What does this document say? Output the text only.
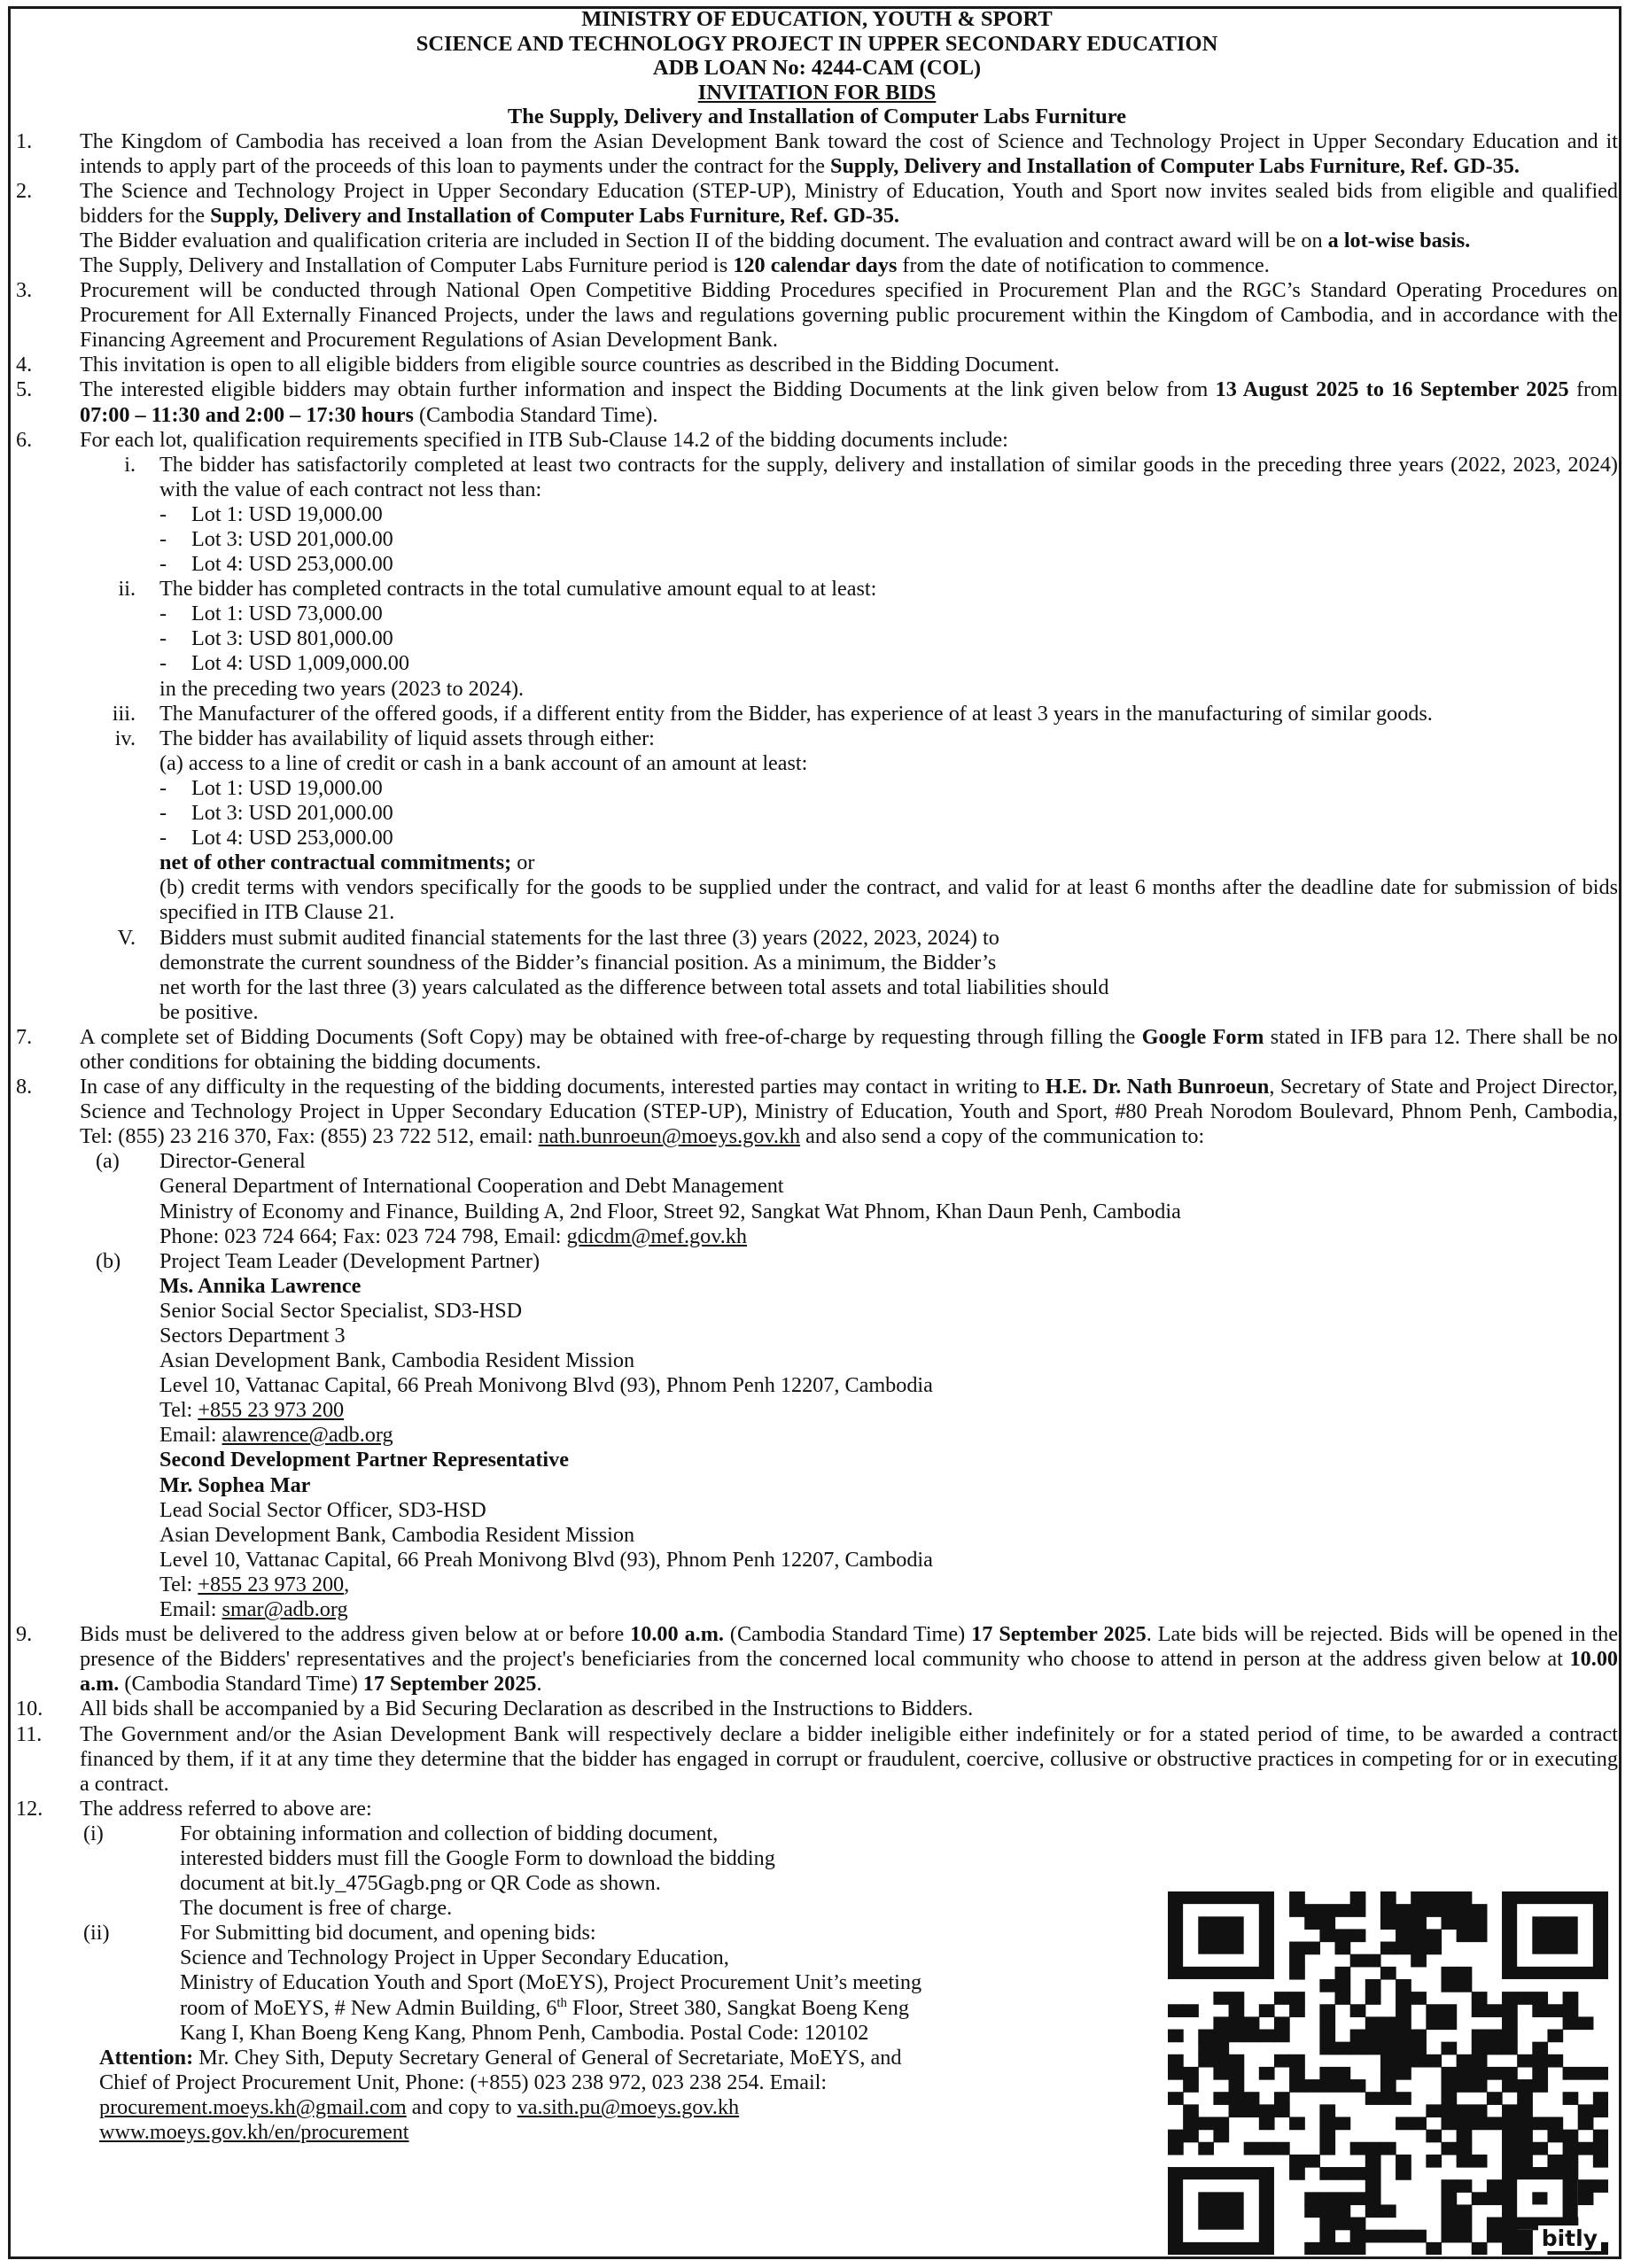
MINISTRY OF EDUCATION, YOUTH & SPORT
SCIENCE AND TECHNOLOGY PROJECT IN UPPER SECONDARY EDUCATION
ADB LOAN No: 4244-CAM (COL)
INVITATION FOR BIDS
The Supply, Delivery and Installation of Computer Labs Furniture
1. The Kingdom of Cambodia has received a loan from the Asian Development Bank toward the cost of Science and Technology Project in Upper Secondary Education and it intends to apply part of the proceeds of this loan to payments under the contract for the Supply, Delivery and Installation of Computer Labs Furniture, Ref. GD-35.
2. The Science and Technology Project in Upper Secondary Education (STEP-UP), Ministry of Education, Youth and Sport now invites sealed bids from eligible and qualified bidders for the Supply, Delivery and Installation of Computer Labs Furniture, Ref. GD-35.
The Bidder evaluation and qualification criteria are included in Section II of the bidding document. The evaluation and contract award will be on a lot-wise basis.
The Supply, Delivery and Installation of Computer Labs Furniture period is 120 calendar days from the date of notification to commence.
3. Procurement will be conducted through National Open Competitive Bidding Procedures specified in Procurement Plan and the RGC’s Standard Operating Procedures on Procurement for All Externally Financed Projects, under the laws and regulations governing public procurement within the Kingdom of Cambodia, and in accordance with the Financing Agreement and Procurement Regulations of Asian Development Bank.
4. This invitation is open to all eligible bidders from eligible source countries as described in the Bidding Document.
5. The interested eligible bidders may obtain further information and inspect the Bidding Documents at the link given below from 13 August 2025 to 16 September 2025 from 07:00 – 11:30 and 2:00 – 17:30 hours (Cambodia Standard Time).
6. For each lot, qualification requirements specified in ITB Sub-Clause 14.2 of the bidding documents include:
i. The bidder has satisfactorily completed at least two contracts for the supply, delivery and installation of similar goods in the preceding three years (2022, 2023, 2024) with the value of each contract not less than:
- Lot 1: USD 19,000.00
- Lot 3: USD 201,000.00
- Lot 4: USD 253,000.00
ii. The bidder has completed contracts in the total cumulative amount equal to at least:
- Lot 1: USD 73,000.00
- Lot 3: USD 801,000.00
- Lot 4: USD 1,009,000.00
in the preceding two years (2023 to 2024).
iii. The Manufacturer of the offered goods, if a different entity from the Bidder, has experience of at least 3 years in the manufacturing of similar goods.
iv. The bidder has availability of liquid assets through either:
(a) access to a line of credit or cash in a bank account of an amount at least:
- Lot 1: USD 19,000.00
- Lot 3: USD 201,000.00
- Lot 4: USD 253,000.00
net of other contractual commitments; or
(b) credit terms with vendors specifically for the goods to be supplied under the contract, and valid for at least 6 months after the deadline date for submission of bids specified in ITB Clause 21.
V. Bidders must submit audited financial statements for the last three (3) years (2022, 2023, 2024) to
demonstrate the current soundness of the Bidder’s financial position. As a minimum, the Bidder’s
net worth for the last three (3) years calculated as the difference between total assets and total liabilities should
be positive.
7. A complete set of Bidding Documents (Soft Copy) may be obtained with free-of-charge by requesting through filling the Google Form stated in IFB para 12. There shall be no other conditions for obtaining the bidding documents.
8. In case of any difficulty in the requesting of the bidding documents, interested parties may contact in writing to H.E. Dr. Nath Bunroeun, Secretary of State and Project Director, Science and Technology Project in Upper Secondary Education (STEP-UP), Ministry of Education, Youth and Sport, #80 Preah Norodom Boulevard, Phnom Penh, Cambodia, Tel: (855) 23 216 370, Fax: (855) 23 722 512, email: nath.bunroeun@moeys.gov.kh and also send a copy of the communication to:
(a) Director-General
General Department of International Cooperation and Debt Management
Ministry of Economy and Finance, Building A, 2nd Floor, Street 92, Sangkat Wat Phnom, Khan Daun Penh, Cambodia
Phone: 023 724 664; Fax: 023 724 798, Email: gdicdm@mef.gov.kh
(b) Project Team Leader (Development Partner)
Ms. Annika Lawrence
Senior Social Sector Specialist, SD3-HSD
Sectors Department 3
Asian Development Bank, Cambodia Resident Mission
Level 10, Vattanac Capital, 66 Preah Monivong Blvd (93), Phnom Penh 12207, Cambodia
Tel: +855 23 973 200
Email: alawrence@adb.org
Second Development Partner Representative
Mr. Sophea Mar
Lead Social Sector Officer, SD3-HSD
Asian Development Bank, Cambodia Resident Mission
Level 10, Vattanac Capital, 66 Preah Monivong Blvd (93), Phnom Penh 12207, Cambodia
Tel: +855 23 973 200,
Email: smar@adb.org
9. Bids must be delivered to the address given below at or before 10.00 a.m. (Cambodia Standard Time) 17 September 2025. Late bids will be rejected. Bids will be opened in the presence of the Bidders' representatives and the project's beneficiaries from the concerned local community who choose to attend in person at the address given below at 10.00 a.m. (Cambodia Standard Time) 17 September 2025.
10. All bids shall be accompanied by a Bid Securing Declaration as described in the Instructions to Bidders.
11. The Government and/or the Asian Development Bank will respectively declare a bidder ineligible either indefinitely or for a stated period of time, to be awarded a contract financed by them, if it at any time they determine that the bidder has engaged in corrupt or fraudulent, coercive, collusive or obstructive practices in competing for or in executing a contract.
12. The address referred to above are:
(i)	For obtaining information and collection of bidding document,
interested bidders must fill the Google Form to download the bidding
document at bit.ly_475Gagb.png or QR Code as shown.
The document is free of charge.
(ii)	For Submitting bid document, and opening bids:
Science and Technology Project in Upper Secondary Education,
Ministry of Education Youth and Sport (MoEYS), Project Procurement Unit’s meeting
room of MoEYS, # New Admin Building, 6th Floor, Street 380, Sangkat Boeng Keng
Kang I, Khan Boeng Keng Kang, Phnom Penh, Cambodia. Postal Code: 120102
Attention: Mr. Chey Sith, Deputy Secretary General of General of Secretariate, MoEYS, and
Chief of Project Procurement Unit, Phone: (+855) 023 238 972, 023 238 254. Email:
procurement.moeys.kh@gmail.com and copy to va.sith.pu@moeys.gov.kh
www.moeys.gov.kh/en/procurement
bitly
